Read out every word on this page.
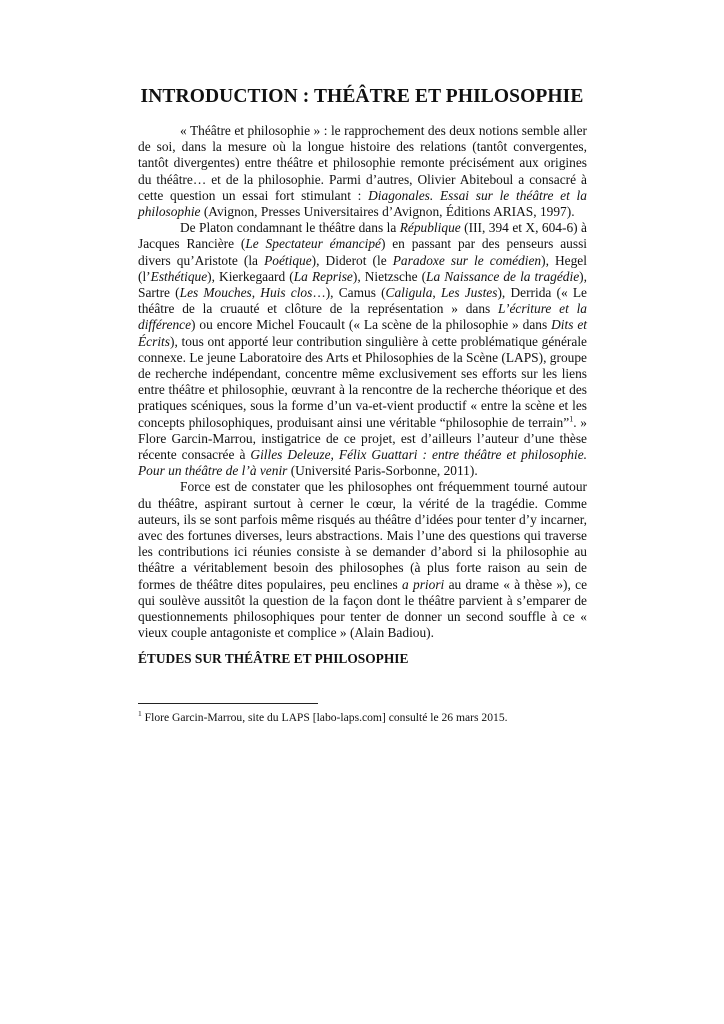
INTRODUCTION : THÉÂTRE ET PHILOSOPHIE

« Théâtre et philosophie » : le rapprochement des deux notions semble aller de soi, dans la mesure où la longue histoire des relations (tantôt convergentes, tantôt divergentes) entre théâtre et philosophie remonte précisément aux origines du théâtre… et de la philosophie. Parmi d’autres, Olivier Abiteboul a consacré à cette question un essai fort stimulant : Diagonales. Essai sur le théâtre et la philosophie (Avignon, Presses Universitaires d’Avignon, Éditions ARIAS, 1997).

De Platon condamnant le théâtre dans la République (III, 394 et X, 604-6) à Jacques Rancière (Le Spectateur émancipé) en passant par des penseurs aussi divers qu’Aristote (la Poétique), Diderot (le Paradoxe sur le comédien), Hegel (l’Esthétique), Kierkegaard (La Reprise), Nietzsche (La Naissance de la tragédie), Sartre (Les Mouches, Huis clos…), Camus (Caligula, Les Justes), Derrida (« Le théâtre de la cruauté et clôture de la représentation » dans L’écriture et la différence) ou encore Michel Foucault (« La scène de la philosophie » dans Dits et Écrits), tous ont apporté leur contribution singulière à cette problématique générale connexe. Le jeune Laboratoire des Arts et Philosophies de la Scène (LAPS), groupe de recherche indépendant, concentre même exclusivement ses efforts sur les liens entre théâtre et philosophie, œuvrant à la rencontre de la recherche théorique et des pratiques scéniques, sous la forme d’un va-et-vient productif « entre la scène et les concepts philosophiques, produisant ainsi une véritable “philosophie de terrain”$^1$. » Flore Garcin-Marrou, instigatrice de ce projet, est d’ailleurs l’auteur d’une thèse récente consacrée à Gilles Deleuze, Félix Guattari : entre théâtre et philosophie. Pour un théâtre de l’à venir (Université Paris-Sorbonne, 2011).

Force est de constater que les philosophes ont fréquemment tourné autour du théâtre, aspirant surtout à cerner le cœur, la vérité de la tragédie. Comme auteurs, ils se sont parfois même risqués au théâtre d’idées pour tenter d’y incarner, avec des fortunes diverses, leurs abstractions. Mais l’une des questions qui traverse les contributions ici réunies consiste à se demander d’abord si la philosophie au théâtre a véritablement besoin des philosophes (à plus forte raison au sein de formes de théâtre dites populaires, peu enclines a priori au drame « à thèse »), ce qui soulève aussitôt la question de la façon dont le théâtre parvient à s’emparer de questionnements philosophiques pour tenter de donner un second souffle à ce « vieux couple antagoniste et complice » (Alain Badiou).

ÉTUDES SUR THÉÂTRE ET PHILOSOPHIE

$^1$ Flore Garcin-Marrou, site du LAPS [labo-laps.com] consulté le 26 mars 2015.
